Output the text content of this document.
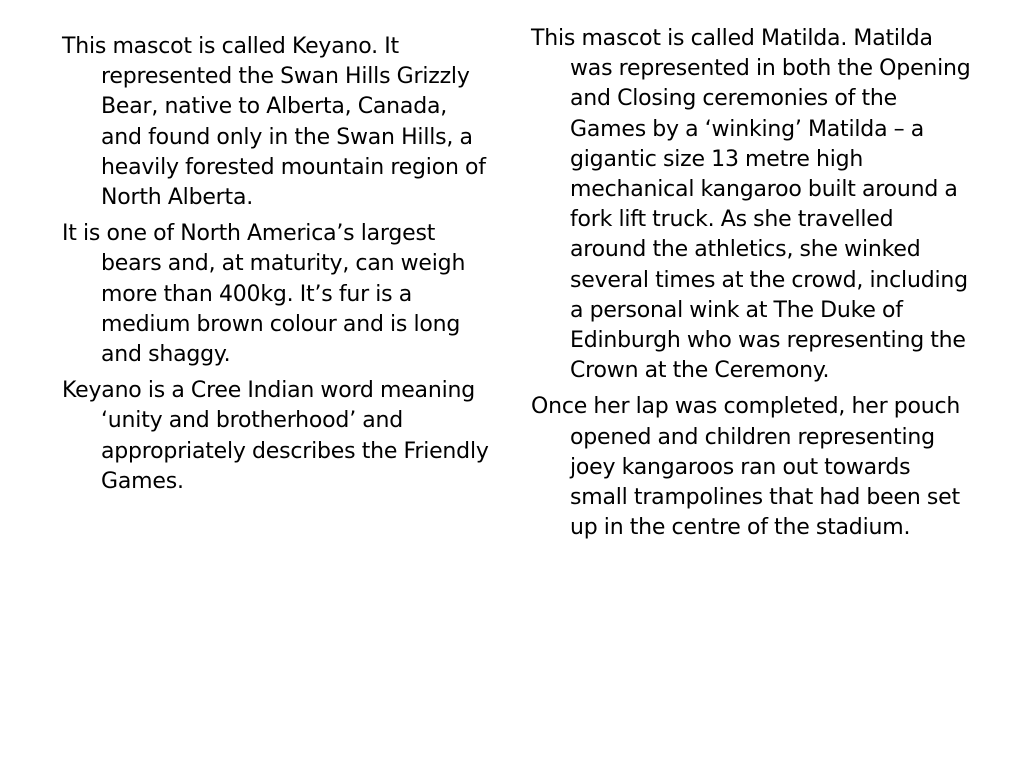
This mascot is called Keyano. It represented the Swan Hills Grizzly Bear, native to Alberta, Canada, and found only in the Swan Hills, a heavily forested mountain region of North Alberta.

It is one of North America’s largest bears and, at maturity, can weigh more than 400kg. It’s fur is a medium brown colour and is long and shaggy.

Keyano is a Cree Indian word meaning ‘unity and brotherhood’ and appropriately describes the Friendly Games.

This mascot is called Matilda. Matilda was represented in both the Opening and Closing ceremonies of the Games by a ‘winking’ Matilda – a gigantic size 13 metre high mechanical kangaroo built around a fork lift truck. As she travelled around the athletics, she winked several times at the crowd, including a personal wink at The Duke of Edinburgh who was representing the Crown at the Ceremony.

Once her lap was completed, her pouch opened and children representing joey kangaroos ran out towards small trampolines that had been set up in the centre of the stadium.
